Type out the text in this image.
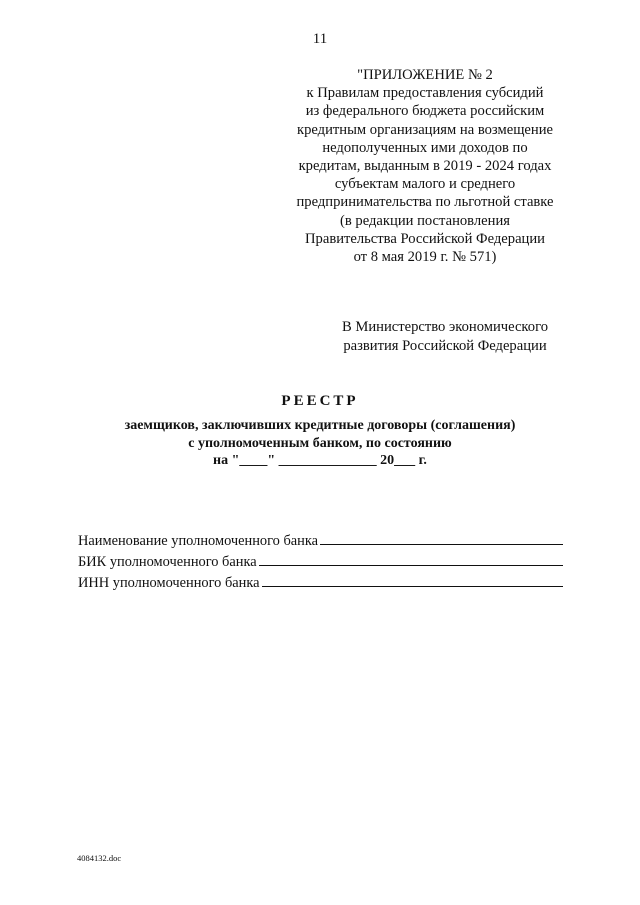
11
"ПРИЛОЖЕНИЕ № 2
к Правилам предоставления субсидий
из федерального бюджета российским
кредитным организациям на возмещение
недополученных ими доходов по
кредитам, выданным в 2019 - 2024 годах
субъектам малого и среднего
предпринимательства по льготной ставке
(в редакции постановления
Правительства Российской Федерации
от 8 мая 2019 г. № 571)
В Министерство экономического
развития Российской Федерации
РЕЕСТР
заемщиков, заключивших кредитные договоры (соглашения)
с уполномоченным банком, по состоянию
на "____" ______________ 20___ г.
Наименование уполномоченного банка
БИК уполномоченного банка
ИНН уполномоченного банка
4084132.doc
